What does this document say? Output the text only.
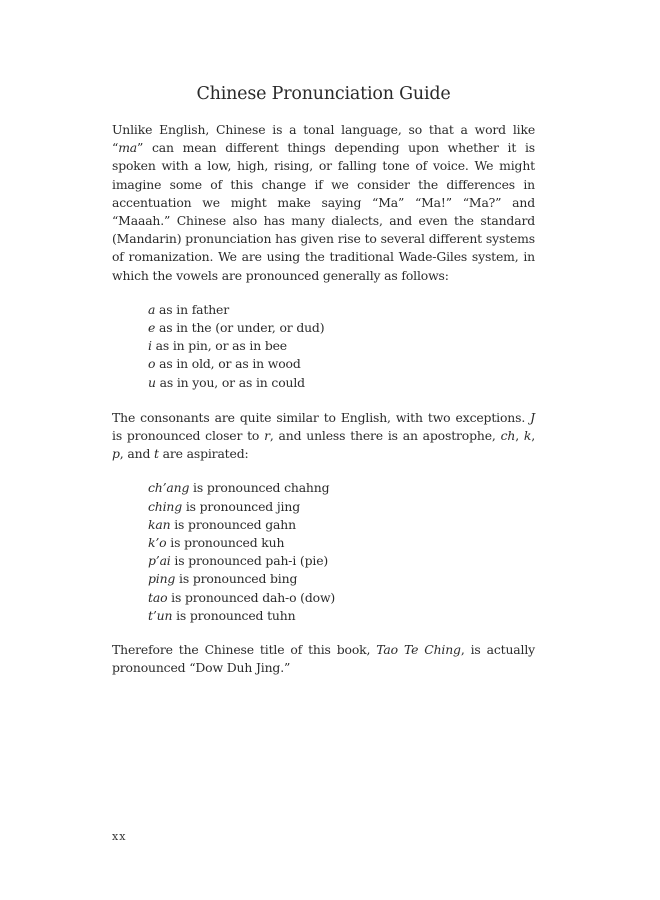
Chinese Pronunciation Guide

Unlike English, Chinese is a tonal language, so that a word like “ma” can mean different things depending upon whether it is spoken with a low, high, rising, or falling tone of voice. We might imagine some of this change if we consider the differences in accentuation we might make saying “Ma” “Ma!” “Ma?” and “Maaah.” Chinese also has many dialects, and even the standard (Mandarin) pronunciation has given rise to several different systems of romanization. We are using the traditional Wade-Giles system, in which the vowels are pronounced generally as follows:

a as in father
e as in the (or under, or dud)
i as in pin, or as in bee
o as in old, or as in wood
u as in you, or as in could

The consonants are quite similar to English, with two exceptions. J is pronounced closer to r, and unless there is an apostrophe, ch, k, p, and t are aspirated:

ch’ang is pronounced chahng
ching is pronounced jing
kan is pronounced gahn
k’o is pronounced kuh
p’ai is pronounced pah-i (pie)
ping is pronounced bing
tao is pronounced dah-o (dow)
t’un is pronounced tuhn

Therefore the Chinese title of this book, Tao Te Ching, is actually pronounced “Dow Duh Jing.”

xx
